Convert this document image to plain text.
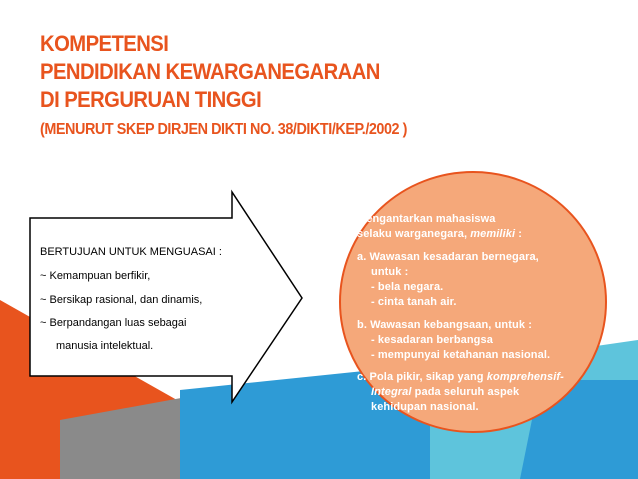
KOMPETENSI
PENDIDIKAN KEWARGANEGARAAN
DI PERGURUAN TINGGI
(MENURUT SKEP DIRJEN DIKTI NO. 38/DIKTI/KEP./2002 )
BERTUJUAN UNTUK MENGUASAI :
~ Kemampuan berfikir,
~ Bersikap rasional, dan dinamis,
~ Berpandangan luas sebagai
manusia intelektual.
Mengantarkan mahasiswa
selaku warganegara, memiliki :
a. Wawasan kesadaran bernegara,
untuk :
- bela negara.
- cinta tanah air.
b. Wawasan kebangsaan, untuk :
- kesadaran berbangsa
- mempunyai ketahanan nasional.
c. Pola pikir, sikap yang komprehensif-
Integral pada seluruh aspek
kehidupan nasional.
